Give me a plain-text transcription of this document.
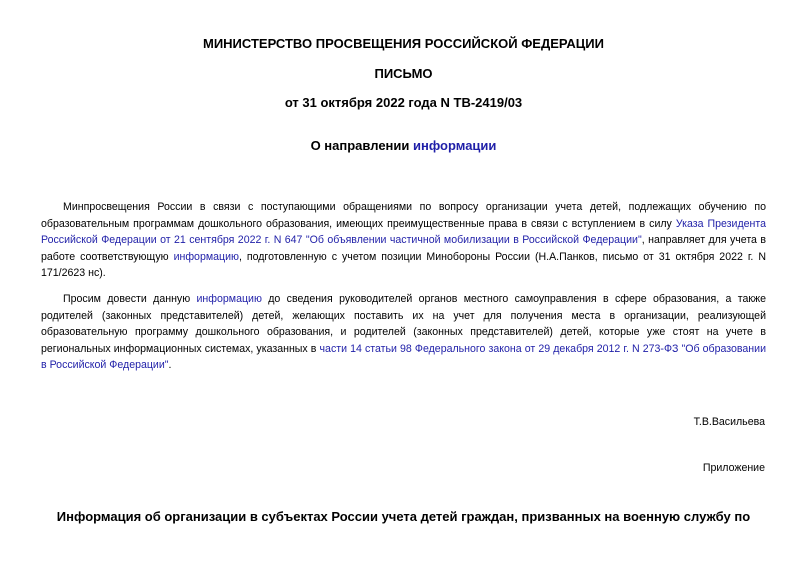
МИНИСТЕРСТВО ПРОСВЕЩЕНИЯ РОССИЙСКОЙ ФЕДЕРАЦИИ
ПИСЬМО
от 31 октября 2022 года N ТВ-2419/03
О направлении информации
Минпросвещения России в связи с поступающими обращениями по вопросу организации учета детей, подлежащих обучению по образовательным программам дошкольного образования, имеющих преимущественные права в связи с вступлением в силу Указа Президента Российской Федерации от 21 сентября 2022 г. N 647 "Об объявлении частичной мобилизации в Российской Федерации", направляет для учета в работе соответствующую информацию, подготовленную с учетом позиции Минобороны России (Н.А.Панков, письмо от 31 октября 2022 г. N 171/2623 нс).
Просим довести данную информацию до сведения руководителей органов местного самоуправления в сфере образования, а также родителей (законных представителей) детей, желающих поставить их на учет для получения места в организации, реализующей образовательную программу дошкольного образования, и родителей (законных представителей) детей, которые уже стоят на учете в региональных информационных системах, указанных в части 14 статьи 98 Федерального закона от 29 декабря 2012 г. N 273-ФЗ "Об образовании в Российской Федерации".
Т.В.Васильева
Приложение
Информация об организации в субъектах России учета детей граждан, призванных на военную службу по
